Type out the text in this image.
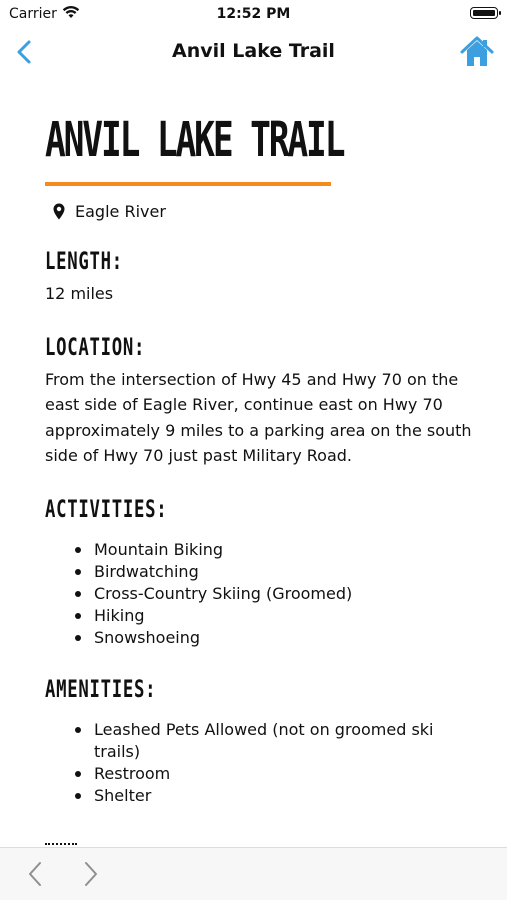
Carrier	12:52 PM
Anvil Lake Trail
ANVIL LAKE TRAIL
Eagle River
LENGTH:
12 miles
LOCATION:
From the intersection of Hwy 45 and Hwy 70 on the east side of Eagle River, continue east on Hwy 70 approximately 9 miles to a parking area on the south side of Hwy 70 just past Military Road.
ACTIVITIES:
Mountain Biking
Birdwatching
Cross-Country Skiing (Groomed)
Hiking
Snowshoeing
AMENITIES:
Leashed Pets Allowed (not on groomed ski trails)
Restroom
Shelter
